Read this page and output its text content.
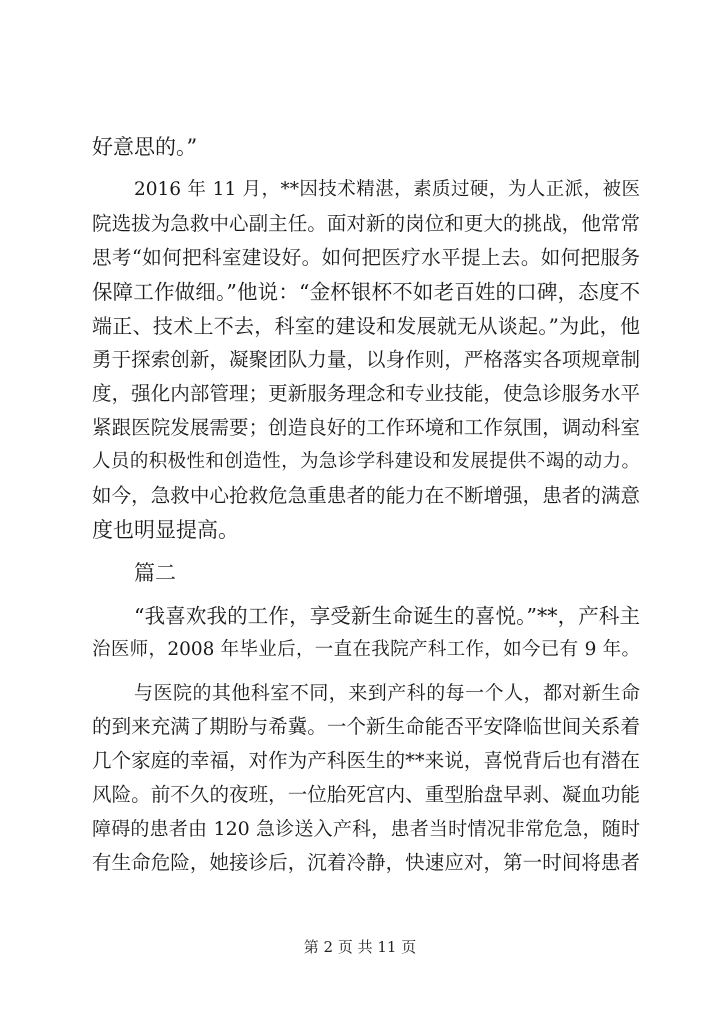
好意思的。”
2016 年 11 月，**因技术精湛，素质过硬，为人正派，被医
院选拔为急救中心副主任。面对新的岗位和更大的挑战，他常常
思考“如何把科室建设好。如何把医疗水平提上去。如何把服务
保障工作做细。”他说：“金杯银杯不如老百姓的口碑，态度不
端正、技术上不去，科室的建设和发展就无从谈起。”为此，他
勇于探索创新，凝聚团队力量，以身作则，严格落实各项规章制
度，强化内部管理；更新服务理念和专业技能，使急诊服务水平
紧跟医院发展需要；创造良好的工作环境和工作氛围，调动科室
人员的积极性和创造性，为急诊学科建设和发展提供不竭的动力。
如今，急救中心抢救危急重患者的能力在不断增强，患者的满意
度也明显提高。
篇二
“我喜欢我的工作，享受新生命诞生的喜悦。”**，产科主
治医师，2008 年毕业后，一直在我院产科工作，如今已有 9 年。
与医院的其他科室不同，来到产科的每一个人，都对新生命
的到来充满了期盼与希冀。一个新生命能否平安降临世间关系着
几个家庭的幸福，对作为产科医生的**来说，喜悦背后也有潜在
风险。前不久的夜班，一位胎死宫内、重型胎盘早剥、凝血功能
障碍的患者由 120 急诊送入产科，患者当时情况非常危急，随时
有生命危险，她接诊后，沉着冷静，快速应对，第一时间将患者
第 2 页 共 11 页
